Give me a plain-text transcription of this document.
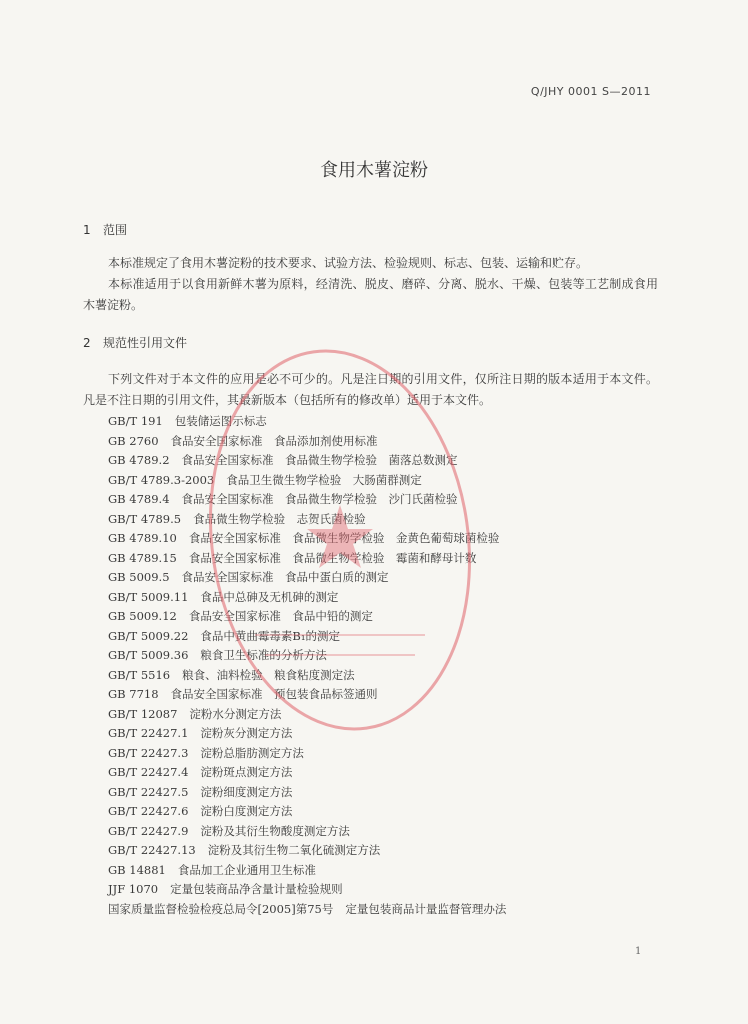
Q/JHY 0001 S—2011
食用木薯淀粉
1 范围
本标准规定了食用木薯淀粉的技术要求、试验方法、检验规则、标志、包装、运输和贮存。
本标准适用于以食用新鲜木薯为原料，经清洗、脱皮、磨碎、分离、脱水、干燥、包装等工艺制成食用木薯淀粉。
2 规范性引用文件
下列文件对于本文件的应用是必不可少的。凡是注日期的引用文件，仅所注日期的版本适用于本文件。凡是不注日期的引用文件，其最新版本（包括所有的修改单）适用于本文件。
GB/T 191 包装储运图示标志
GB 2760 食品安全国家标准　食品添加剂使用标准
GB 4789.2 食品安全国家标准　食品微生物学检验　菌落总数测定
GB/T 4789.3-2003 食品卫生微生物学检验　大肠菌群测定
GB 4789.4 食品安全国家标准　食品微生物学检验　沙门氏菌检验
GB/T 4789.5 食品微生物学检验　志贺氏菌检验
GB 4789.10 食品安全国家标准　食品微生物学检验　金黄色葡萄球菌检验
GB 4789.15 食品安全国家标准　食品微生物学检验　霉菌和酵母计数
GB 5009.5 食品安全国家标准　食品中蛋白质的测定
GB/T 5009.11 食品中总砷及无机砷的测定
GB 5009.12 食品安全国家标准　食品中铅的测定
GB/T 5009.22 食品中黄曲霉毒素B₁的测定
GB/T 5009.36 粮食卫生标准的分析方法
GB/T 5516 粮食、油料检验　粮食粘度测定法
GB 7718 食品安全国家标准　预包装食品标签通则
GB/T 12087 淀粉水分测定方法
GB/T 22427.1 淀粉灰分测定方法
GB/T 22427.3 淀粉总脂肪测定方法
GB/T 22427.4 淀粉斑点测定方法
GB/T 22427.5 淀粉细度测定方法
GB/T 22427.6 淀粉白度测定方法
GB/T 22427.9 淀粉及其衍生物酸度测定方法
GB/T 22427.13 淀粉及其衍生物二氧化硫测定方法
GB 14881 食品加工企业通用卫生标准
JJF 1070 定量包装商品净含量计量检验规则
国家质量监督检验检疫总局令[2005]第75号 定量包装商品计量监督管理办法
1
